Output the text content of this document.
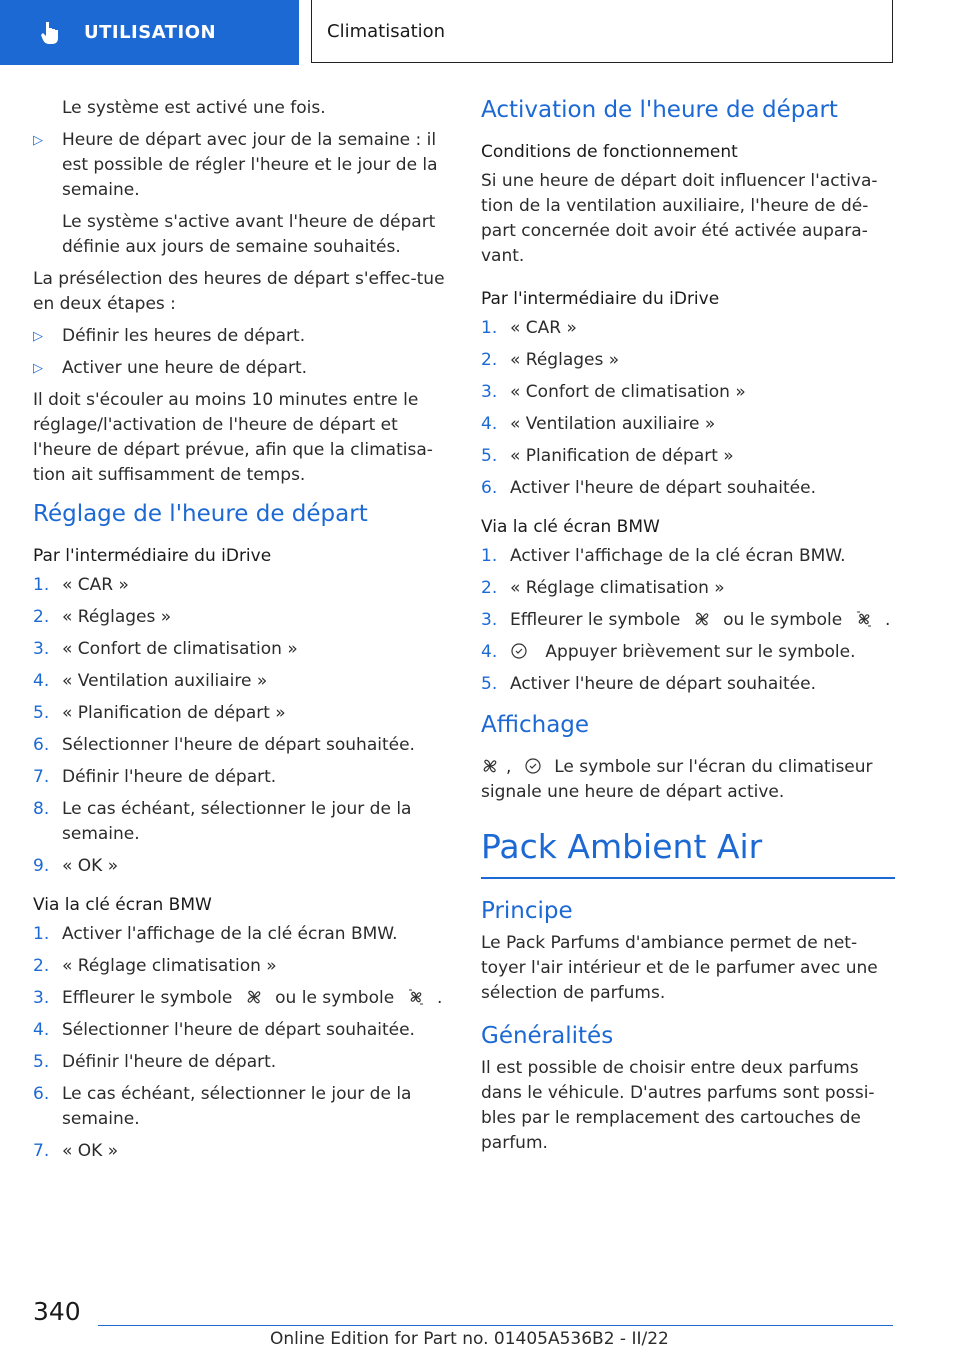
UTILISATION	Climatisation

Le système est activé une fois.

▷	Heure de départ avec jour de la semaine : il est possible de régler l'heure et le jour de la semaine.

Le système s'active avant l'heure de départ définie aux jours de semaine souhaités.

La présélection des heures de départ s'effec-tue en deux étapes :

▷	Définir les heures de départ.
▷	Activer une heure de départ.

Il doit s'écouler au moins 10 minutes entre le réglage/l'activation de l'heure de départ et l'heure de départ prévue, afin que la climatisa-tion ait suffisamment de temps.

Réglage de l'heure de départ
Par l'intermédiaire du iDrive
1. « CAR »
2. « Réglages »
3. « Confort de climatisation »
4. « Ventilation auxiliaire »
5. « Planification de départ »
6. Sélectionner l'heure de départ souhaitée.
7. Définir l'heure de départ.
8. Le cas échéant, sélectionner le jour de la semaine.
9. « OK »
Via la clé écran BMW
1. Activer l'affichage de la clé écran BMW.
2. « Réglage climatisation »
3. Effleurer le symbole	ou le symbole	.
4. Sélectionner l'heure de départ souhaitée.
5. Définir l'heure de départ.
6. Le cas échéant, sélectionner le jour de la semaine.
7. « OK »
Activation de l'heure de départ
Conditions de fonctionnement

Si une heure de départ doit influencer l'activa-tion de la ventilation auxiliaire, l'heure de dé-part concernée doit avoir été activée aupara-vant.

Par l'intermédiaire du iDrive
1. « CAR »
2. « Réglages »
3. « Confort de climatisation »
4. « Ventilation auxiliaire »
5. « Planification de départ »
6. Activer l'heure de départ souhaitée.
Via la clé écran BMW
1. Activer l'affichage de la clé écran BMW.
2. « Réglage climatisation »
3. Effleurer le symbole	ou le symbole	.
4.	Appuyer brièvement sur le symbole.
5. Activer l'heure de départ souhaitée.
Affichage

,	Le symbole sur l'écran du climatiseur signale une heure de départ active.

Pack Ambient Air
Principe

Le Pack Parfums d'ambiance permet de net-toyer l'air intérieur et de le parfumer avec une sélection de parfums.

Généralités

Il est possible de choisir entre deux parfums dans le véhicule. D'autres parfums sont possi-bles par le remplacement des cartouches de parfum.

340
Online Edition for Part no. 01405A536B2 - II/22
